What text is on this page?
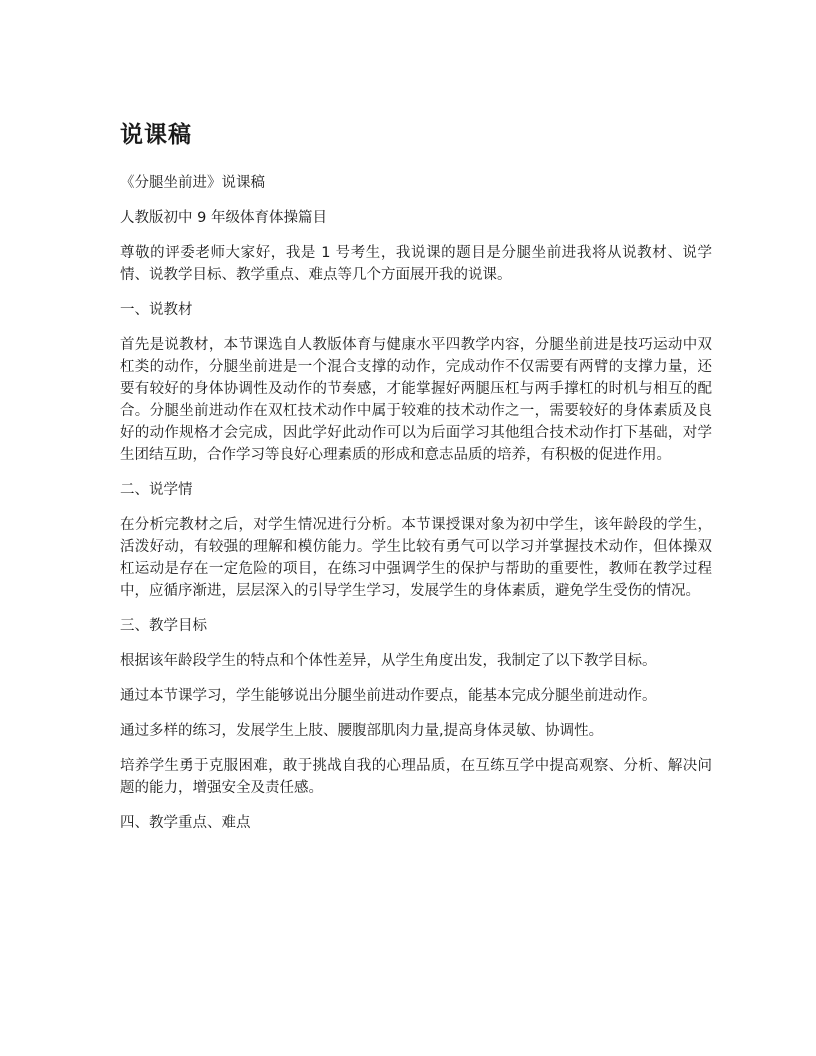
说课稿

《分腿坐前进》说课稿

人教版初中 9 年级体育体操篇目

尊敬的评委老师大家好，我是 1 号考生，我说课的题目是分腿坐前进我将从说教材、说学情、说教学目标、教学重点、难点等几个方面展开我的说课。

一、说教材

首先是说教材，本节课选自人教版体育与健康水平四教学内容，分腿坐前进是技巧运动中双杠类的动作，分腿坐前进是一个混合支撑的动作，完成动作不仅需要有两臂的支撑力量，还要有较好的身体协调性及动作的节奏感，才能掌握好两腿压杠与两手撑杠的时机与相互的配合。分腿坐前进动作在双杠技术动作中属于较难的技术动作之一，需要较好的身体素质及良好的动作规格才会完成，因此学好此动作可以为后面学习其他组合技术动作打下基础，对学生团结互助，合作学习等良好心理素质的形成和意志品质的培养，有积极的促进作用。

二、说学情

在分析完教材之后，对学生情况进行分析。本节课授课对象为初中学生，该年龄段的学生，活泼好动，有较强的理解和模仿能力。学生比较有勇气可以学习并掌握技术动作，但体操双杠运动是存在一定危险的项目，在练习中强调学生的保护与帮助的重要性，教师在教学过程中，应循序渐进，层层深入的引导学生学习，发展学生的身体素质，避免学生受伤的情况。

三、教学目标

根据该年龄段学生的特点和个体性差异，从学生角度出发，我制定了以下教学目标。

通过本节课学习，学生能够说出分腿坐前进动作要点，能基本完成分腿坐前进动作。

通过多样的练习，发展学生上肢、腰腹部肌肉力量,提高身体灵敏、协调性。

培养学生勇于克服困难，敢于挑战自我的心理品质，在互练互学中提高观察、分析、解决问题的能力，增强安全及责任感。

四、教学重点、难点
